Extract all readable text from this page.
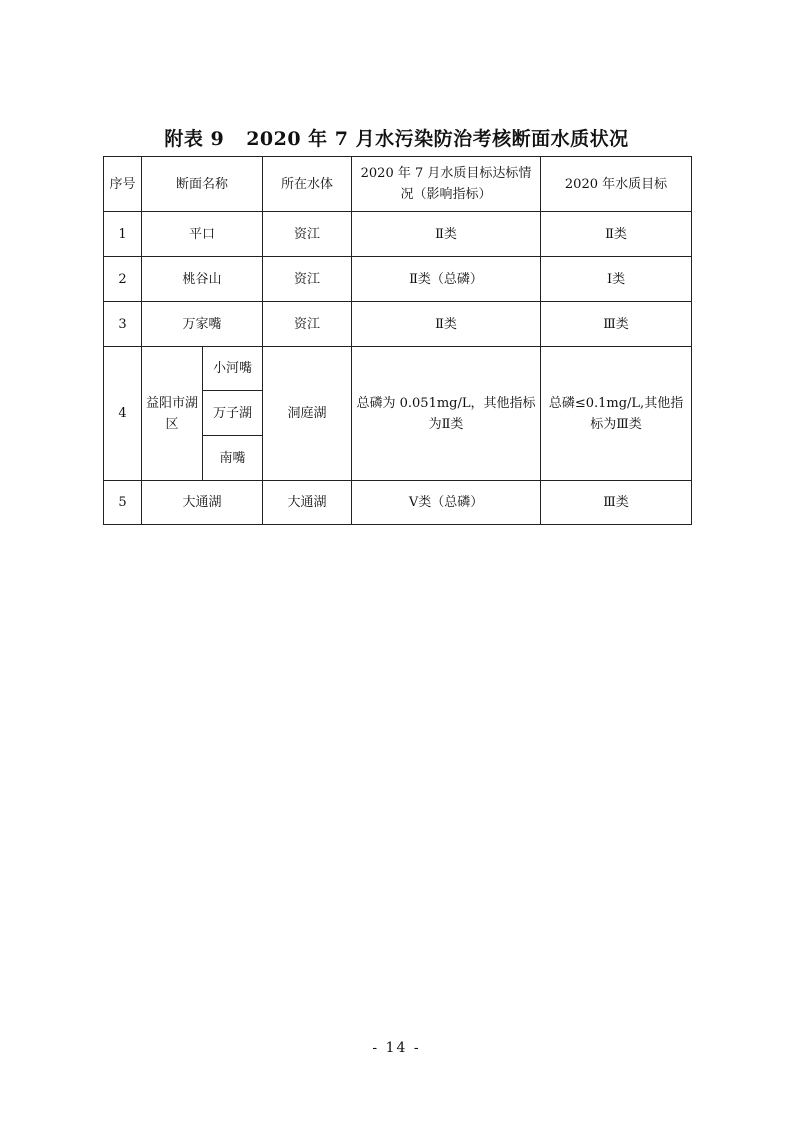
附表 9 2020 年 7 月水污染防治考核断面水质状况
序号	断面名称		所在水体	2020 年 7 月水质目标达标情况（影响指标）	2020 年水质目标
1	平口		资江	Ⅱ类	Ⅱ类
2	桃谷山		资江	Ⅱ类（总磷）	Ⅰ类
3	万家嘴		资江	Ⅱ类	Ⅲ类
4	益阳市湖区	小河嘴	洞庭湖	总磷为 0.051mg/L，其他指标为Ⅱ类	总磷≤0.1mg/L,其他指标为Ⅲ类
		万子湖			
		南嘴			
5	大通湖		大通湖	Ⅴ类（总磷）	Ⅲ类
- 14 -
